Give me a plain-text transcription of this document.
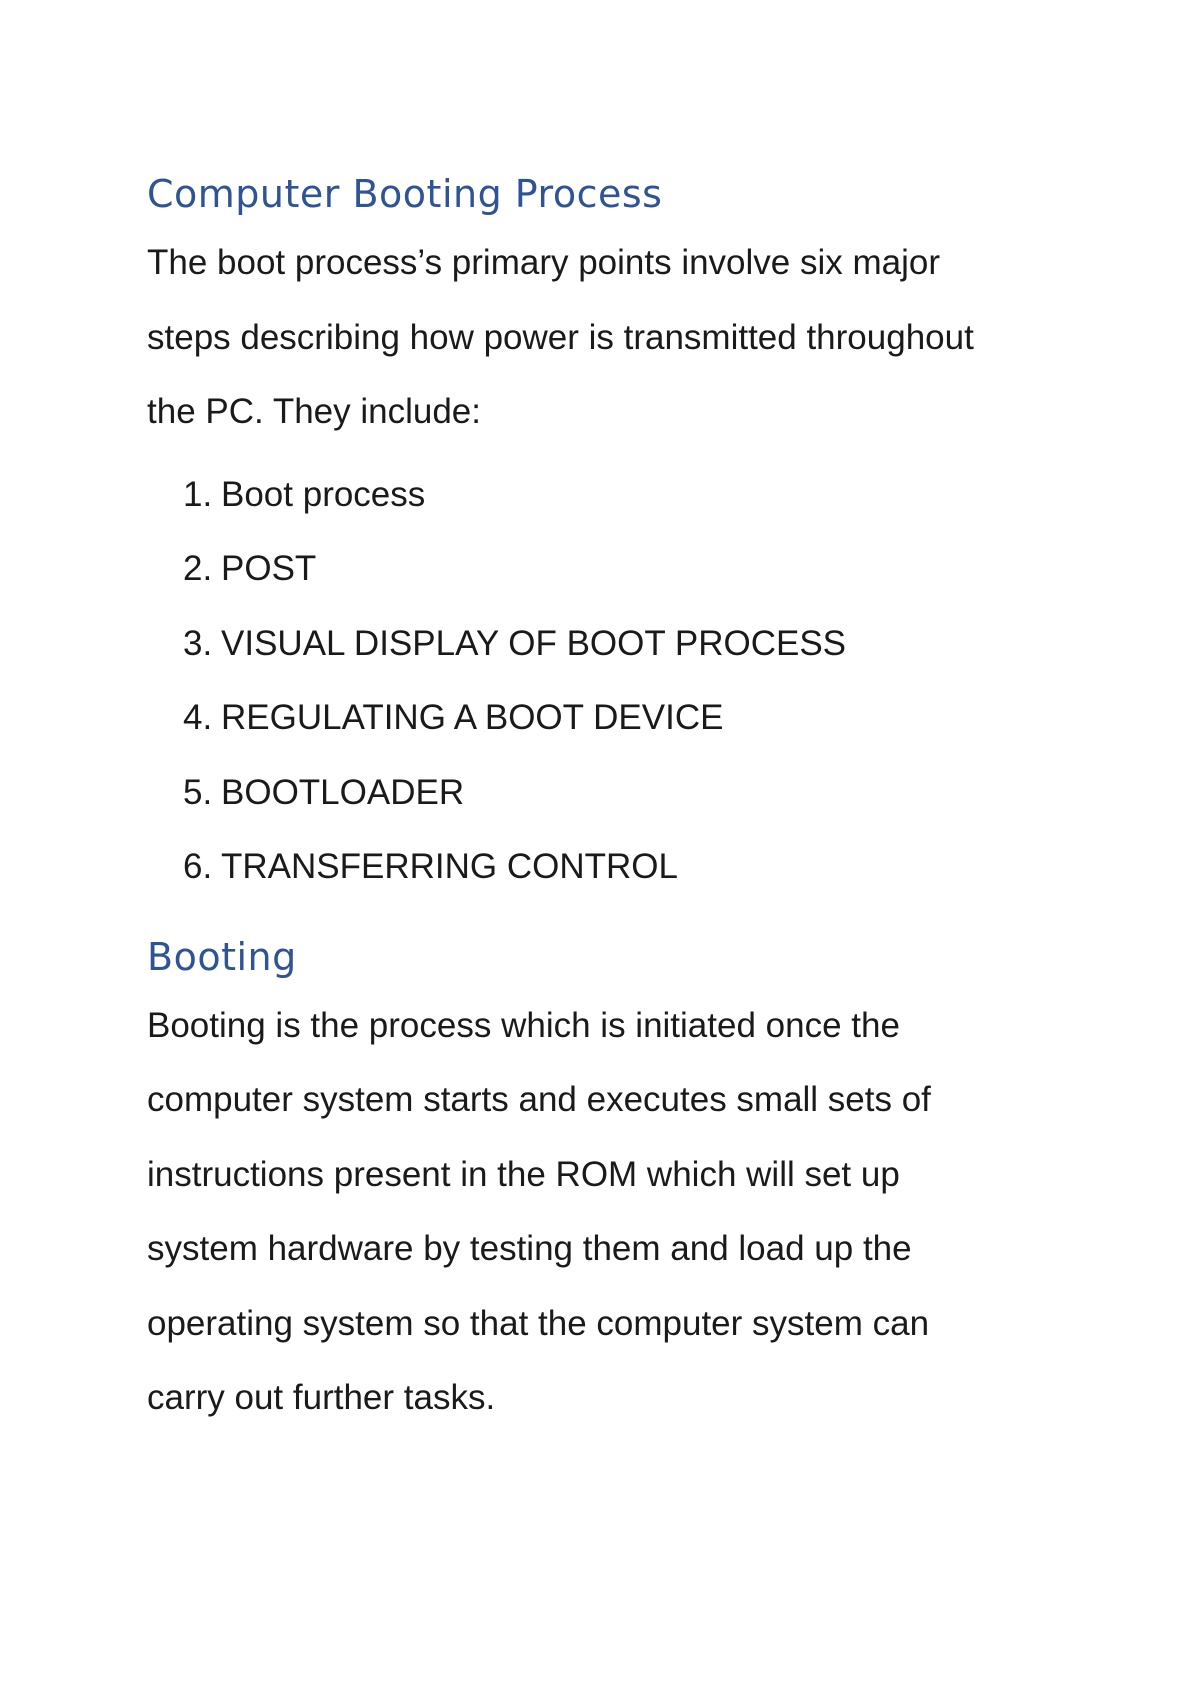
Computer Booting Process

The boot process’s primary points involve six major

steps describing how power is transmitted throughout

the PC. They include:

1. Boot process
2. POST
3. VISUAL DISPLAY OF BOOT PROCESS
4. REGULATING A BOOT DEVICE
5. BOOTLOADER
6. TRANSFERRING CONTROL
Booting

Booting is the process which is initiated once the

computer system starts and executes small sets of

instructions present in the ROM which will set up

system hardware by testing them and load up the

operating system so that the computer system can

carry out further tasks.
